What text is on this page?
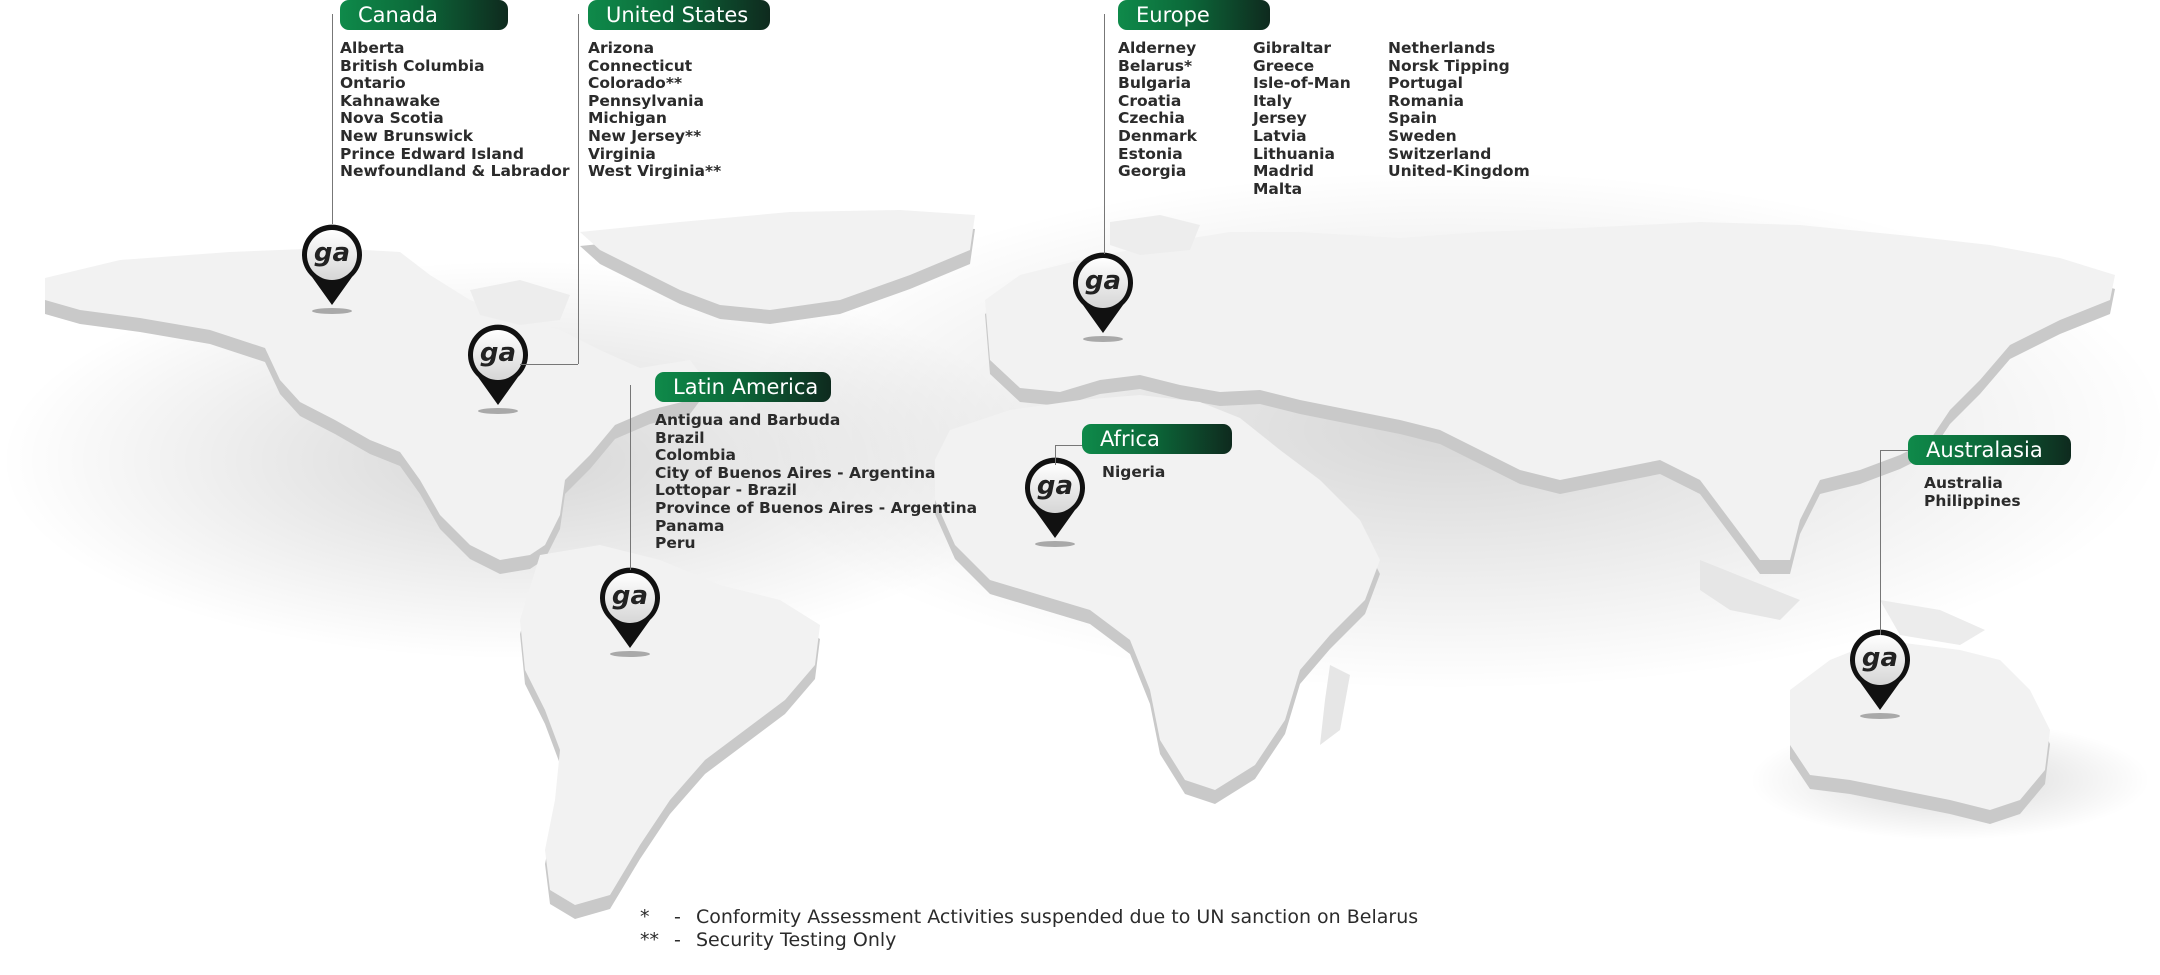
ga
ga
ga
ga
ga
ga
Canada
Alberta
British Columbia
Ontario
Kahnawake
Nova Scotia
New Brunswick
Prince Edward Island
Newfoundland & Labrador
United States
Arizona
Connecticut
Colorado**
Pennsylvania
Michigan
New Jersey**
Virginia
West Virginia**
Europe
Alderney
Belarus*
Bulgaria
Croatia
Czechia
Denmark
Estonia
Georgia
Gibraltar
Greece
Isle-of-Man
Italy
Jersey
Latvia
Lithuania
Madrid
Malta
Netherlands
Norsk Tipping
Portugal
Romania
Spain
Sweden
Switzerland
United-Kingdom
Latin America
Antigua and Barbuda
Brazil
Colombia
City of Buenos Aires - Argentina
Lottopar - Brazil
Province of Buenos Aires - Argentina
Panama
Peru
Africa
Nigeria
Australasia
Australia
Philippines
*	- Conformity Assessment Activities suspended due to UN sanction on Belarus
** - Security Testing Only
